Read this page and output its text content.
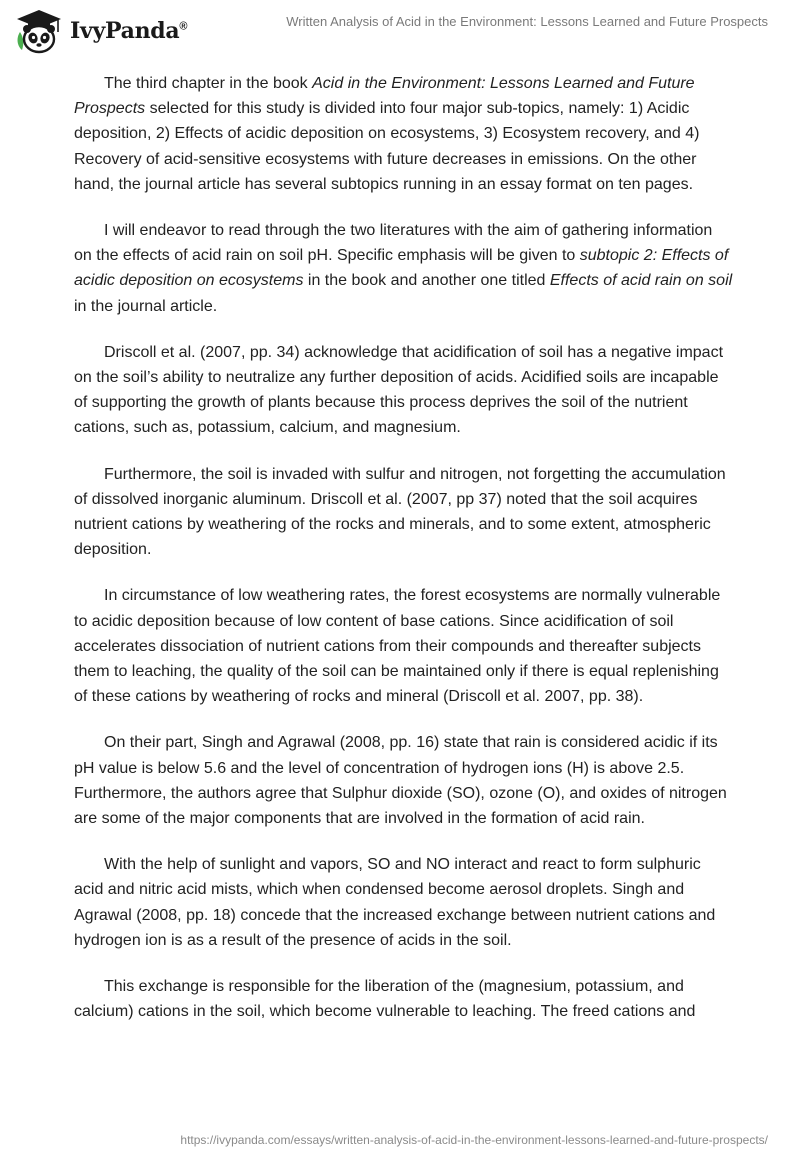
IvyPanda®	Written Analysis of Acid in the Environment: Lessons Learned and Future Prospects

The third chapter in the book Acid in the Environment: Lessons Learned and Future Prospects selected for this study is divided into four major sub-topics, namely: 1) Acidic deposition, 2) Effects of acidic deposition on ecosystems, 3) Ecosystem recovery, and 4) Recovery of acid-sensitive ecosystems with future decreases in emissions. On the other hand, the journal article has several subtopics running in an essay format on ten pages.

I will endeavor to read through the two literatures with the aim of gathering information on the effects of acid rain on soil pH. Specific emphasis will be given to subtopic 2: Effects of acidic deposition on ecosystems in the book and another one titled Effects of acid rain on soil in the journal article.

Driscoll et al. (2007, pp. 34) acknowledge that acidification of soil has a negative impact on the soil’s ability to neutralize any further deposition of acids. Acidified soils are incapable of supporting the growth of plants because this process deprives the soil of the nutrient cations, such as, potassium, calcium, and magnesium.

Furthermore, the soil is invaded with sulfur and nitrogen, not forgetting the accumulation of dissolved inorganic aluminum. Driscoll et al. (2007, pp 37) noted that the soil acquires nutrient cations by weathering of the rocks and minerals, and to some extent, atmospheric deposition.

In circumstance of low weathering rates, the forest ecosystems are normally vulnerable to acidic deposition because of low content of base cations. Since acidification of soil accelerates dissociation of nutrient cations from their compounds and thereafter subjects them to leaching, the quality of the soil can be maintained only if there is equal replenishing of these cations by weathering of rocks and mineral (Driscoll et al. 2007, pp. 38).

On their part, Singh and Agrawal (2008, pp. 16) state that rain is considered acidic if its pH value is below 5.6 and the level of concentration of hydrogen ions (H) is above 2.5. Furthermore, the authors agree that Sulphur dioxide (SO), ozone (O), and oxides of nitrogen are some of the major components that are involved in the formation of acid rain.

With the help of sunlight and vapors, SO and NO interact and react to form sulphuric acid and nitric acid mists, which when condensed become aerosol droplets. Singh and Agrawal (2008, pp. 18) concede that the increased exchange between nutrient cations and hydrogen ion is as a result of the presence of acids in the soil.

This exchange is responsible for the liberation of the (magnesium, potassium, and calcium) cations in the soil, which become vulnerable to leaching. The freed cations and

https://ivypanda.com/essays/written-analysis-of-acid-in-the-environment-lessons-learned-and-future-prospects/
